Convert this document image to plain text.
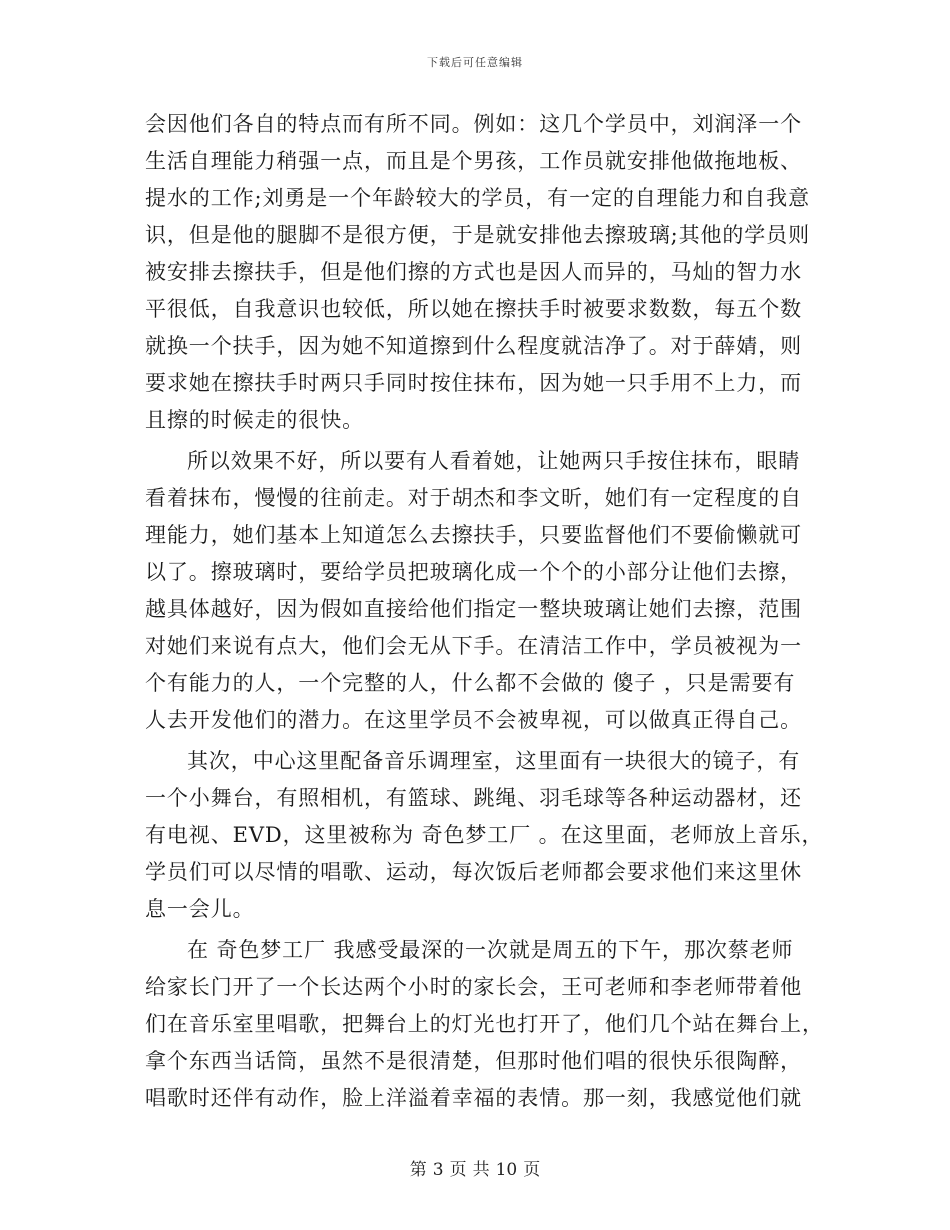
下载后可任意编辑
会因他们各自的特点而有所不同。例如：这几个学员中，刘润泽一个
生活自理能力稍强一点，而且是个男孩，工作员就安排他做拖地板、
提水的工作;刘勇是一个年龄较大的学员，有一定的自理能力和自我意
识，但是他的腿脚不是很方便，于是就安排他去擦玻璃;其他的学员则
被安排去擦扶手，但是他们擦的方式也是因人而异的，马灿的智力水
平很低，自我意识也较低，所以她在擦扶手时被要求数数，每五个数
就换一个扶手，因为她不知道擦到什么程度就洁净了。对于薛婧，则
要求她在擦扶手时两只手同时按住抹布，因为她一只手用不上力，而
且擦的时候走的很快。
所以效果不好，所以要有人看着她，让她两只手按住抹布，眼睛
看着抹布，慢慢的往前走。对于胡杰和李文昕，她们有一定程度的自
理能力，她们基本上知道怎么去擦扶手，只要监督他们不要偷懒就可
以了。擦玻璃时，要给学员把玻璃化成一个个的小部分让他们去擦，
越具体越好，因为假如直接给他们指定一整块玻璃让她们去擦，范围
对她们来说有点大，他们会无从下手。在清洁工作中，学员被视为一
个有能力的人，一个完整的人，什么都不会做的 傻子 ，只是需要有
人去开发他们的潜力。在这里学员不会被卑视，可以做真正得自己。
其次，中心这里配备音乐调理室，这里面有一块很大的镜子，有
一个小舞台，有照相机，有篮球、跳绳、羽毛球等各种运动器材，还
有电视、EVD，这里被称为 奇色梦工厂 。在这里面，老师放上音乐，
学员们可以尽情的唱歌、运动，每次饭后老师都会要求他们来这里休
息一会儿。
在 奇色梦工厂 我感受最深的一次就是周五的下午，那次蔡老师
给家长门开了一个长达两个小时的家长会，王可老师和李老师带着他
们在音乐室里唱歌，把舞台上的灯光也打开了，他们几个站在舞台上，
拿个东西当话筒，虽然不是很清楚，但那时他们唱的很快乐很陶醉，
唱歌时还伴有动作，脸上洋溢着幸福的表情。那一刻，我感觉他们就
第 3 页 共 10 页
